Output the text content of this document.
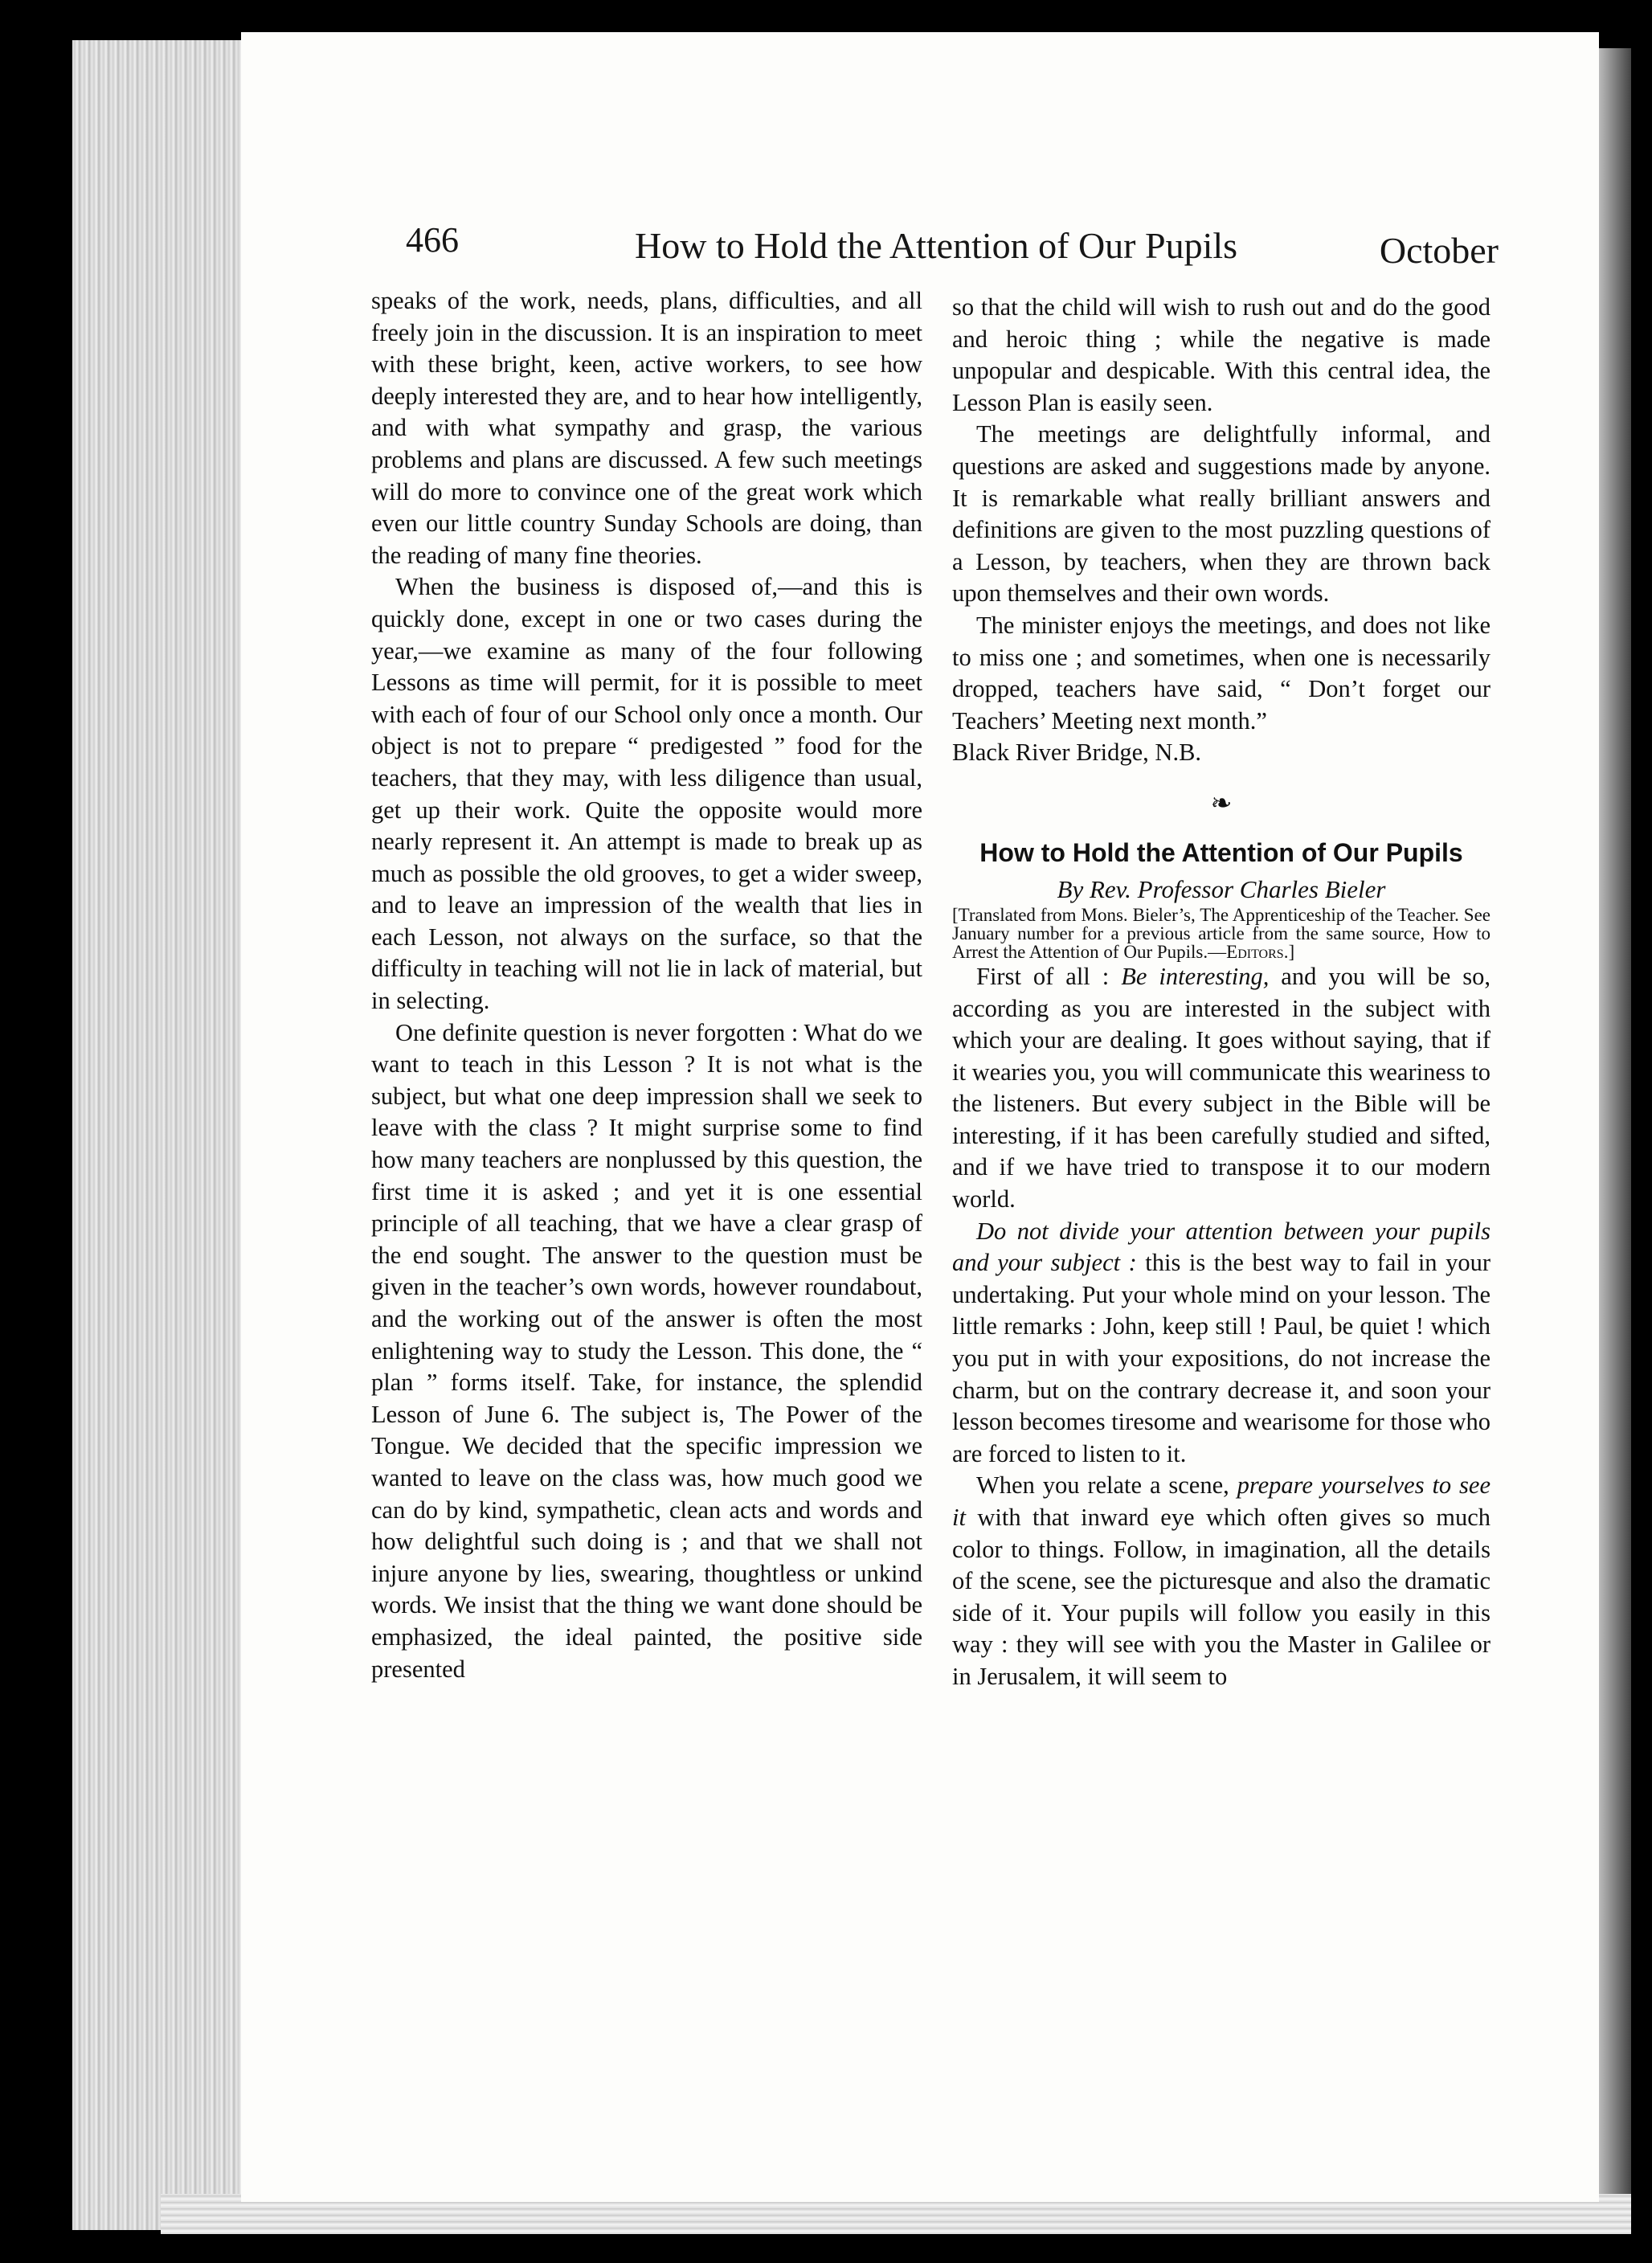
466	How to Hold the Attention of Our Pupils	October

speaks of the work, needs, plans, difficulties, and all freely join in the discussion. It is an inspiration to meet with these bright, keen, active workers, to see how deeply interested they are, and to hear how intelligently, and with what sympathy and grasp, the various problems and plans are discussed. A few such meetings will do more to convince one of the great work which even our little country Sunday Schools are doing, than the reading of many fine theories.

When the business is disposed of,—and this is quickly done, except in one or two cases during the year,—we examine as many of the four following Lessons as time will permit, for it is possible to meet with each of four of our School only once a month. Our object is not to prepare “ predigested ” food for the teachers, that they may, with less diligence than usual, get up their work. Quite the opposite would more nearly represent it. An attempt is made to break up as much as possible the old grooves, to get a wider sweep, and to leave an impression of the wealth that lies in each Lesson, not always on the surface, so that the difficulty in teaching will not lie in lack of material, but in selecting.

One definite question is never forgotten : What do we want to teach in this Lesson ? It is not what is the subject, but what one deep impression shall we seek to leave with the class ? It might surprise some to find how many teachers are nonplussed by this question, the first time it is asked ; and yet it is one essential principle of all teaching, that we have a clear grasp of the end sought. The answer to the question must be given in the teacher’s own words, however roundabout, and the working out of the answer is often the most enlightening way to study the Lesson. This done, the “ plan ” forms itself. Take, for instance, the splendid Lesson of June 6. The subject is, The Power of the Tongue. We decided that the specific impression we wanted to leave on the class was, how much good we can do by kind, sympathetic, clean acts and words and how delightful such doing is ; and that we shall not injure anyone by lies, swearing, thoughtless or unkind words. We insist that the thing we want done should be emphasized, the ideal painted, the positive side presented

so that the child will wish to rush out and do the good and heroic thing ; while the negative is made unpopular and despicable. With this central idea, the Lesson Plan is easily seen.

The meetings are delightfully informal, and questions are asked and suggestions made by anyone. It is remarkable what really brilliant answers and definitions are given to the most puzzling questions of a Lesson, by teachers, when they are thrown back upon themselves and their own words.

The minister enjoys the meetings, and does not like to miss one ; and sometimes, when one is necessarily dropped, teachers have said, “ Don’t forget our Teachers’ Meeting next month.”

Black River Bridge, N.B.

❧
How to Hold the Attention of Our Pupils
By Rev. Professor Charles Bieler

[Translated from Mons. Bieler’s, The Apprenticeship of the Teacher. See January number for a previous article from the same source, How to Arrest the Attention of Our Pupils.—Editors.]

First of all : Be interesting, and you will be so, according as you are interested in the subject with which your are dealing. It goes without saying, that if it wearies you, you will communicate this weariness to the listeners. But every subject in the Bible will be interesting, if it has been carefully studied and sifted, and if we have tried to transpose it to our modern world.

Do not divide your attention between your pupils and your subject : this is the best way to fail in your undertaking. Put your whole mind on your lesson. The little remarks : John, keep still ! Paul, be quiet ! which you put in with your expositions, do not increase the charm, but on the contrary decrease it, and soon your lesson becomes tiresome and wearisome for those who are forced to listen to it.

When you relate a scene, prepare yourselves to see it with that inward eye which often gives so much color to things. Follow, in imagination, all the details of the scene, see the picturesque and also the dramatic side of it. Your pupils will follow you easily in this way : they will see with you the Master in Galilee or in Jerusalem, it will seem to
